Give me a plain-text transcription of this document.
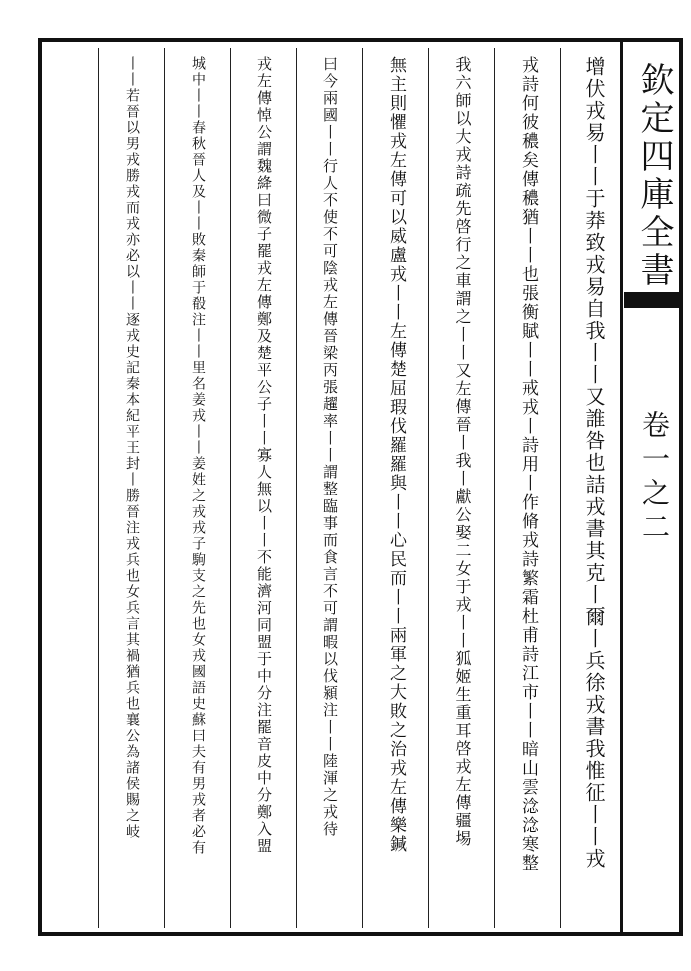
欽定四庫全書
卷一之二
增伏戎易丨丨于莽致戎易自我丨丨又誰咎也詰戎書其克丨爾丨兵徐戎書我惟征丨丨戎
戎詩何彼穠矣傳穠猶丨丨也張衡賦丨丨戒戎丨詩用丨作脩戎詩繁霜杜甫詩江市丨丨暗山雲淰淰寒整
我六師以大戎詩疏先啓行之車謂之丨丨又左傳晉丨我丨獻公娶二女于戎丨丨狐姬生重耳啓戎左傳疆埸
無主則懼戎左傳可以威盧戎丨丨左傳楚屈瑕伐羅羅與丨丨心民而丨丨兩軍之大敗之治戎左傳樂鍼
曰今兩國丨丨行人不使不可陰戎左傳晉梁丙張趯率丨丨謂整臨事而食言不可謂暇以伐潁注丨丨陸渾之戎待
戎左傳悼公謂魏絳曰微子罷戎左傳鄭及楚平公子丨丨寡人無以丨丨不能濟河同盟于中分注罷音皮中分鄭入盟
城中丨丨春秋晉人及丨丨敗秦師于殽注丨丨里名姜戎丨丨姜姓之戎戎子駒支之先也女戎國語史蘇曰夫有男戎者必有
丨丨若晉以男戎勝戎而戎亦必以丨丨逐戎史記秦本紀平王封丨勝晉注戎兵也女兵言其禍猶兵也襄公為諸侯賜之岐
